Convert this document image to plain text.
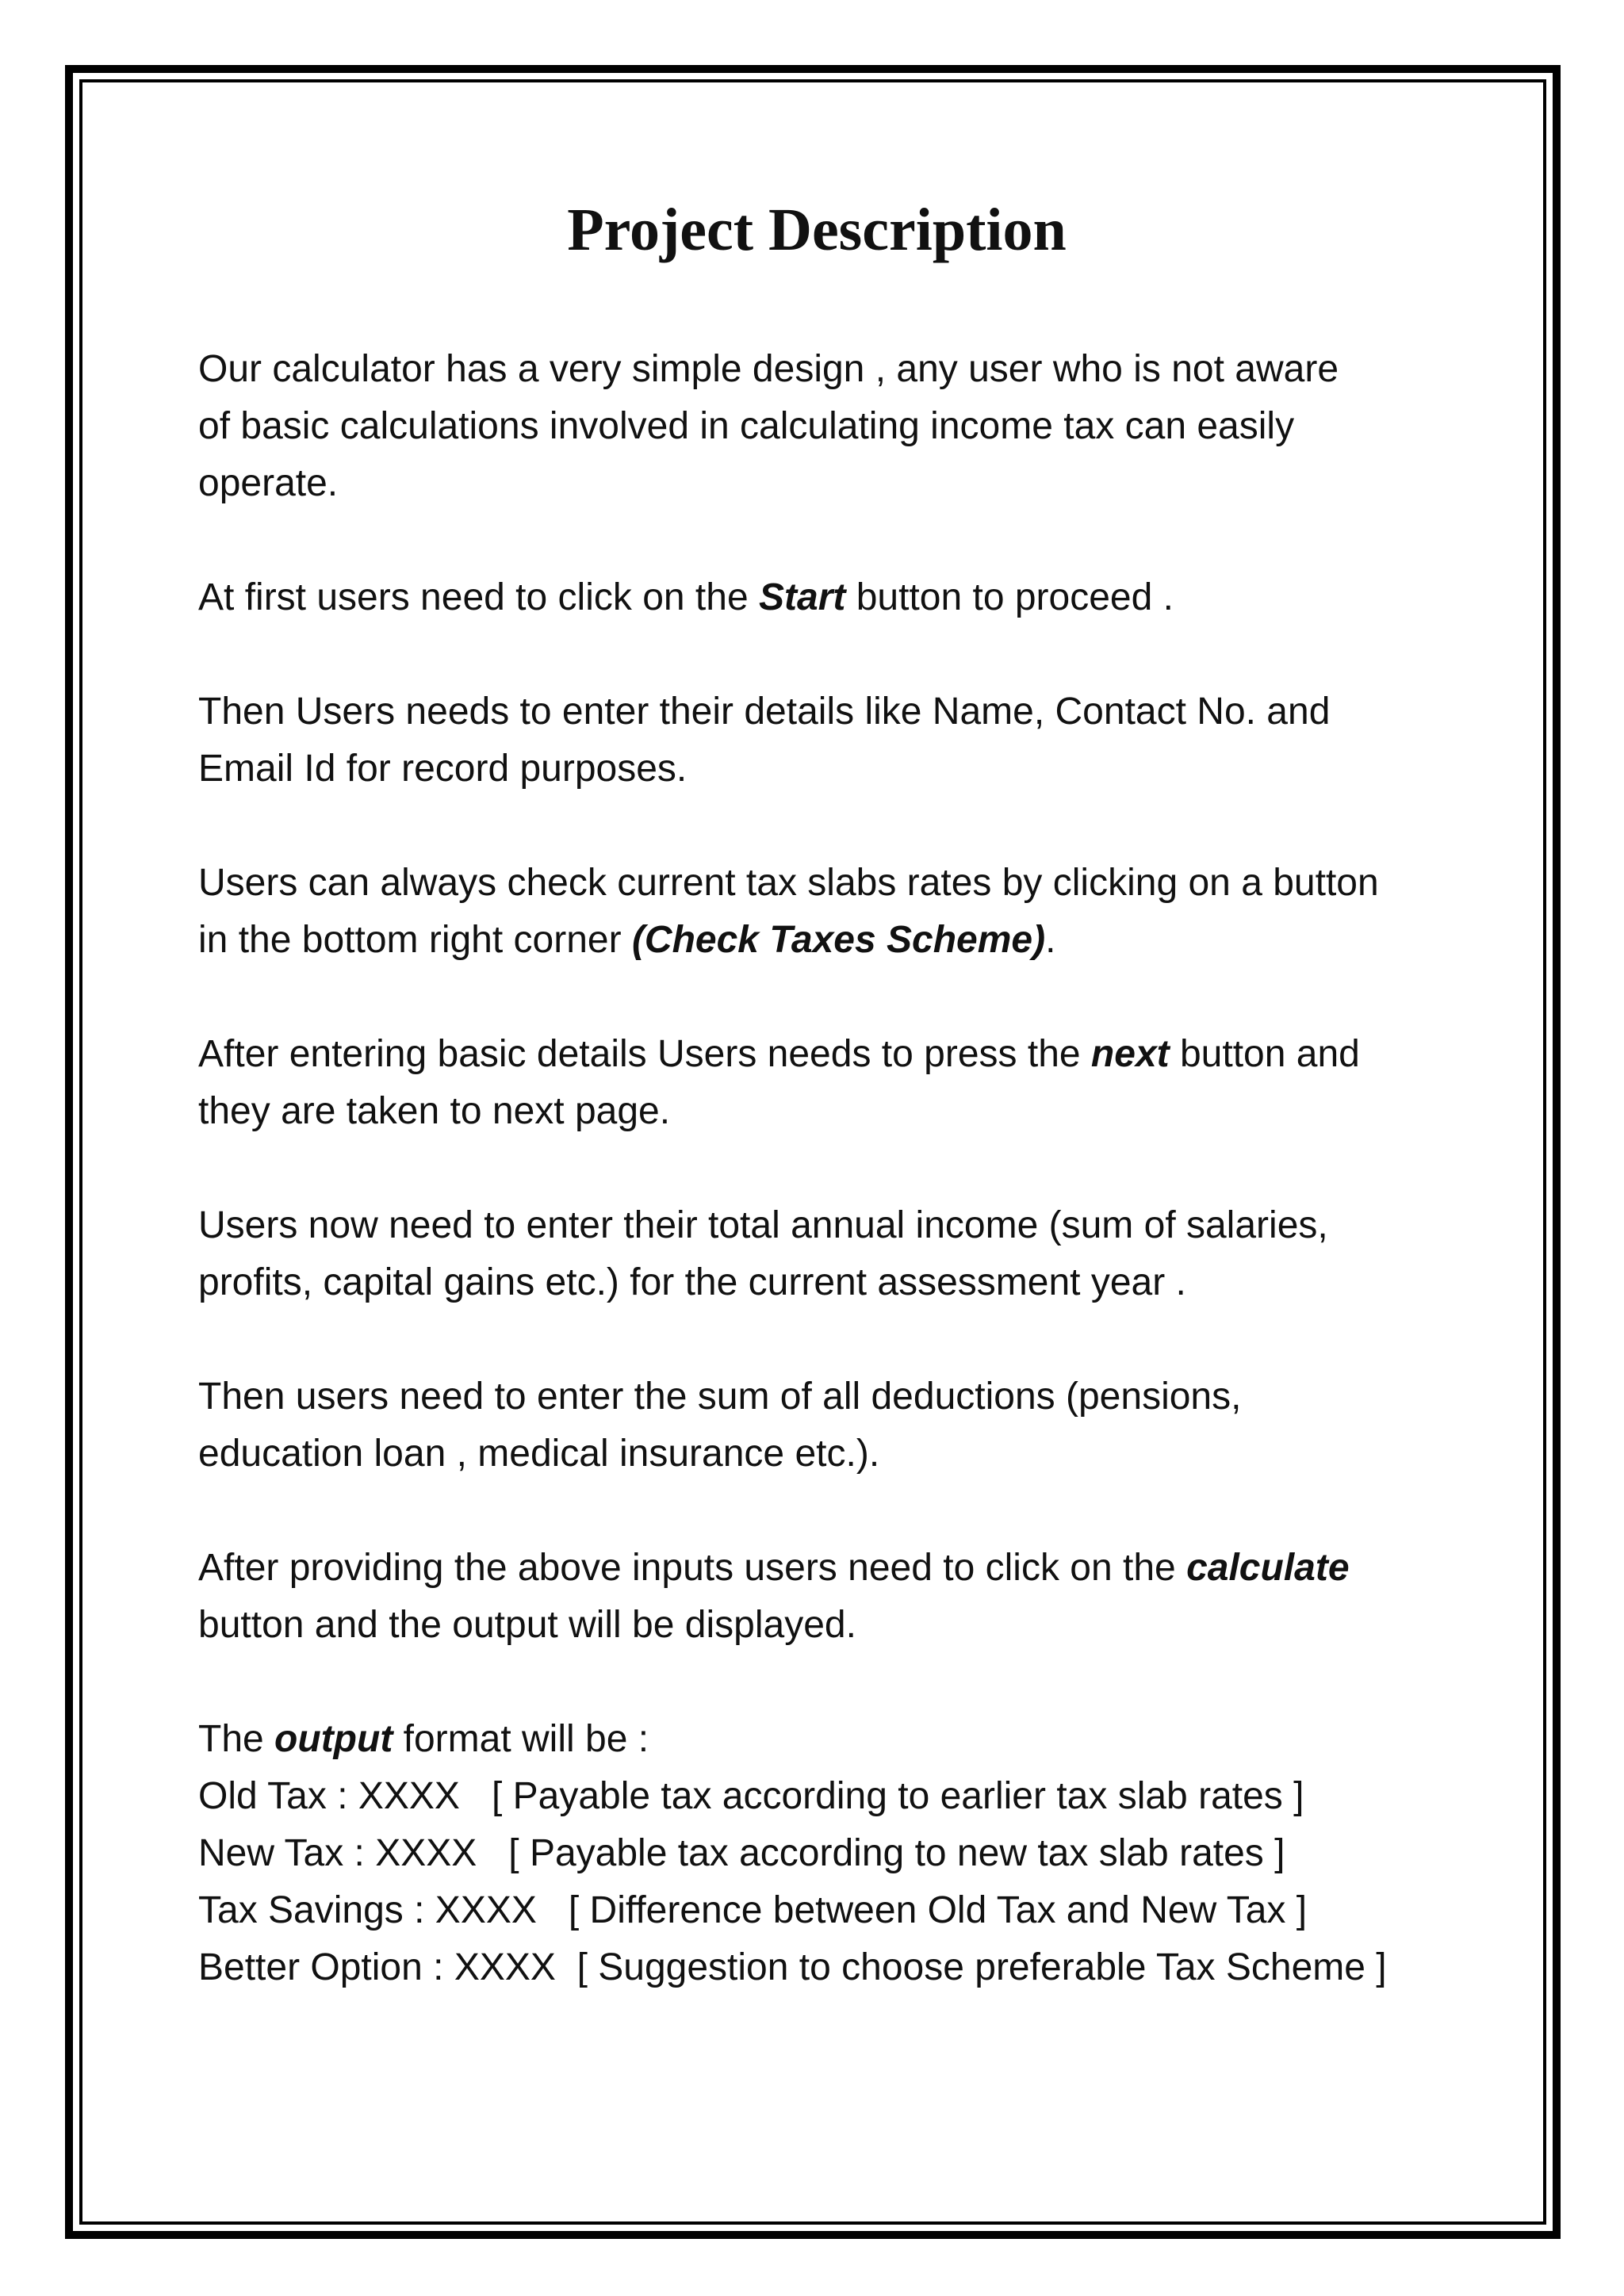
Project Description

Our calculator has a very simple design , any user who is not aware
of basic calculations involved in calculating income tax can easily
operate.

At first users need to click on the Start button to proceed .

Then Users needs to enter their details like Name, Contact No. and
Email Id for record purposes.

Users can always check current tax slabs rates by clicking on a button
in the bottom right corner (Check Taxes Scheme).

After entering basic details Users needs to press the next button and
they are taken to next page.

Users now need to enter their total annual income (sum of salaries,
profits, capital gains etc.) for the current assessment year .

Then users need to enter the sum of all deductions (pensions,
education loan , medical insurance etc.).

After providing the above inputs users need to click on the calculate
button and the output will be displayed.

The output format will be :
Old Tax : XXXX   [ Payable tax according to earlier tax slab rates ]
New Tax : XXXX   [ Payable tax according to new tax slab rates ]
Tax Savings : XXXX   [ Difference between Old Tax and New Tax ]
Better Option : XXXX  [ Suggestion to choose preferable Tax Scheme ]
